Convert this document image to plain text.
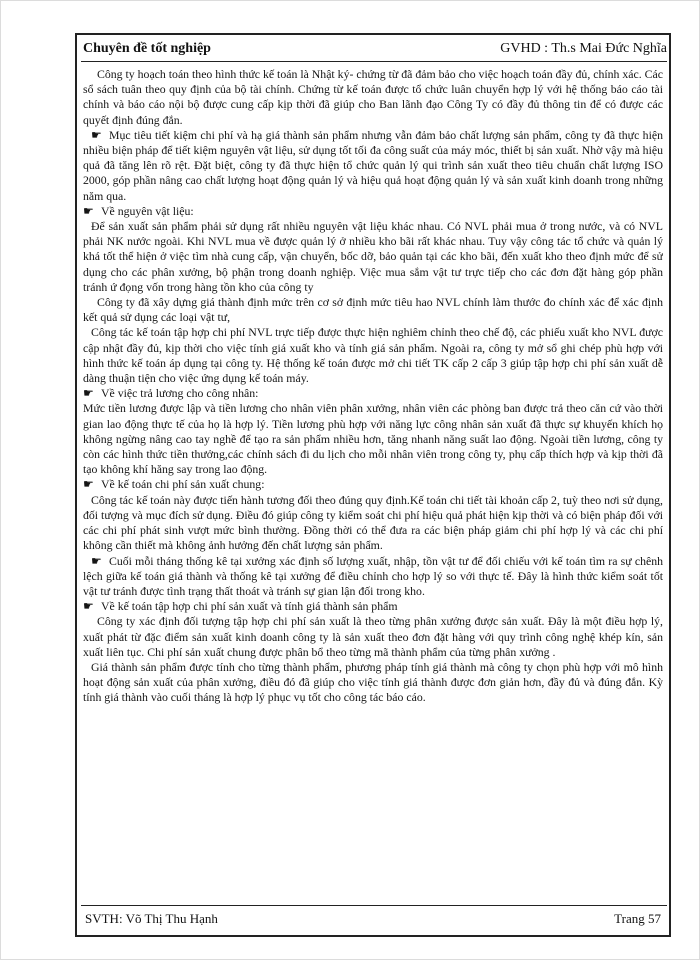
Chuyên đề tốt nghiệp	GVHD : Th.s Mai Đức Nghĩa

Công ty hoạch toán theo hình thức kế toán là Nhật ký- chứng từ đã đảm bảo cho việc hoạch toán đầy đủ, chính xác. Các sổ sách tuân theo quy định của bộ tài chính. Chứng từ kế toán được tổ chức luân chuyển hợp lý với hệ thống báo cáo tài chính và báo cáo nội bộ được cung cấp kịp thời đã giúp cho Ban lãnh đạo Công Ty có đầy đủ thông tin để có được các quyết định đúng đắn.

☛ Mục tiêu tiết kiệm chi phí và hạ giá thành sản phẩm nhưng vẫn đảm bảo chất lượng sản phẩm, công ty đã thực hiện nhiều biện pháp để tiết kiệm nguyên vật liệu, sử dụng tốt tối đa công suất của máy móc, thiết bị sản xuất. Nhờ vậy mà hiệu quả đã tăng lên rõ rệt. Đặt biệt, công ty đã thực hiện tổ chức quản lý qui trình sản xuất theo tiêu chuẩn chất lượng ISO 2000, góp phần nâng cao chất lượng hoạt động quản lý và hiệu quả hoạt động quản lý và sản xuất kinh doanh trong những năm qua.

☛ Về nguyên vật liệu:

Để sản xuất sản phẩm phải sử dụng rất nhiều nguyên vật liệu khác nhau. Có NVL phải mua ở trong nước, và có NVL phải NK nước ngoài. Khi NVL mua về được quản lý ở nhiều kho bãi rất khác nhau. Tuy vậy công tác tổ chức và quản lý khá tốt thể hiện ở việc tìm nhà cung cấp, vận chuyển, bốc dỡ, bảo quản tại các kho bãi, đến xuất kho theo định mức để sử dụng cho các phân xưởng, bộ phận trong doanh nghiệp. Việc mua sắm vật tư trực tiếp cho các đơn đặt hàng góp phần tránh ứ đọng vốn trong hàng tồn kho của công ty

Công ty đã xây dựng giá thành định mức trên cơ sở định mức tiêu hao NVL chính làm thước đo chính xác để xác định kết quả sử dụng các loại vật tư,

Công tác kế toán tập hợp chi phí NVL trực tiếp được thực hiện nghiêm chỉnh theo chế độ, các phiếu xuất kho NVL được cập nhật đầy đủ, kịp thời cho việc tính giá xuất kho và tính giá sản phẩm. Ngoài ra, công ty mở sổ ghi chép phù hợp với hình thức kế toán áp dụng tại công ty. Hệ thống kế toán được mở chi tiết TK cấp 2 cấp 3 giúp tập hợp chi phí sản xuất dễ dàng thuận tiện cho việc ứng dụng kế toán máy.

☛ Về việc trả lương cho công nhân:

Mức tiền lương được lập và tiền lương cho nhân viên phân xưởng, nhân viên các phòng ban được trả theo căn cứ vào thời gian lao động thực tế của họ là hợp lý. Tiền lương phù hợp với năng lực công nhân sản xuất đã thực sự khuyến khích họ không ngừng nâng cao tay nghề để tạo ra sản phẩm nhiều hơn, tăng nhanh năng suất lao động. Ngoài tiền lương, công ty còn các hình thức tiền thưởng,các chính sách đi du lịch cho mỗi nhân viên trong công ty, phụ cấp thích hợp và kịp thời đã tạo không khí hăng say trong lao động.

☛ Về kế toán chi phí sản xuất chung:

Công tác kế toán này được tiến hành tương đối theo đúng quy định.Kế toán chi tiết tài khoản cấp 2, tuỳ theo nơi sử dụng, đối tượng và mục đích sử dụng. Điều đó giúp công ty kiểm soát chi phí hiệu quả phát hiện kịp thời và có biện pháp đối với các chi phí phát sinh vượt mức bình thường. Đồng thời có thể đưa ra các biện pháp giảm chi phí hợp lý và các chi phí không cần thiết mà không ảnh hưởng đến chất lượng sản phẩm.

☛ Cuối mỗi tháng thống kê tại xưởng xác định số lượng xuất, nhập, tồn vật tư để đối chiếu với kế toán tìm ra sự chênh lệch giữa kế toán giá thành và thống kê tại xưởng để điều chỉnh cho hợp lý so với thực tế. Đây là hình thức kiểm soát tốt vật tư tránh được tình trạng thất thoát và tránh sự gian lận đối trong kho.

☛ Về kế toán tập hợp chi phí sản xuất và tính giá thành sản phẩm

Công ty xác định đối tượng tập hợp chi phí sản xuất là theo từng phân xưởng được sản xuất. Đây là một điều hợp lý, xuất phát từ đặc điểm sản xuất kinh doanh công ty là sản xuất theo đơn đặt hàng với quy trình công nghệ khép kín, sản xuất liên tục. Chi phí sản xuất chung được phân bổ theo từng mã thành phẩm của từng phân xưởng .

Giá thành sản phẩm được tính cho từng thành phẩm, phương pháp tính giá thành mà công ty chọn phù hợp với mô hình hoạt động sản xuất của phân xưởng, điều đó đã giúp cho việc tính giá thành được đơn giản hơn, đầy đủ và đúng đắn. Kỳ tính giá thành vào cuối tháng là hợp lý phục vụ tốt cho công tác báo cáo.

SVTH: Võ Thị Thu Hạnh	Trang 57
